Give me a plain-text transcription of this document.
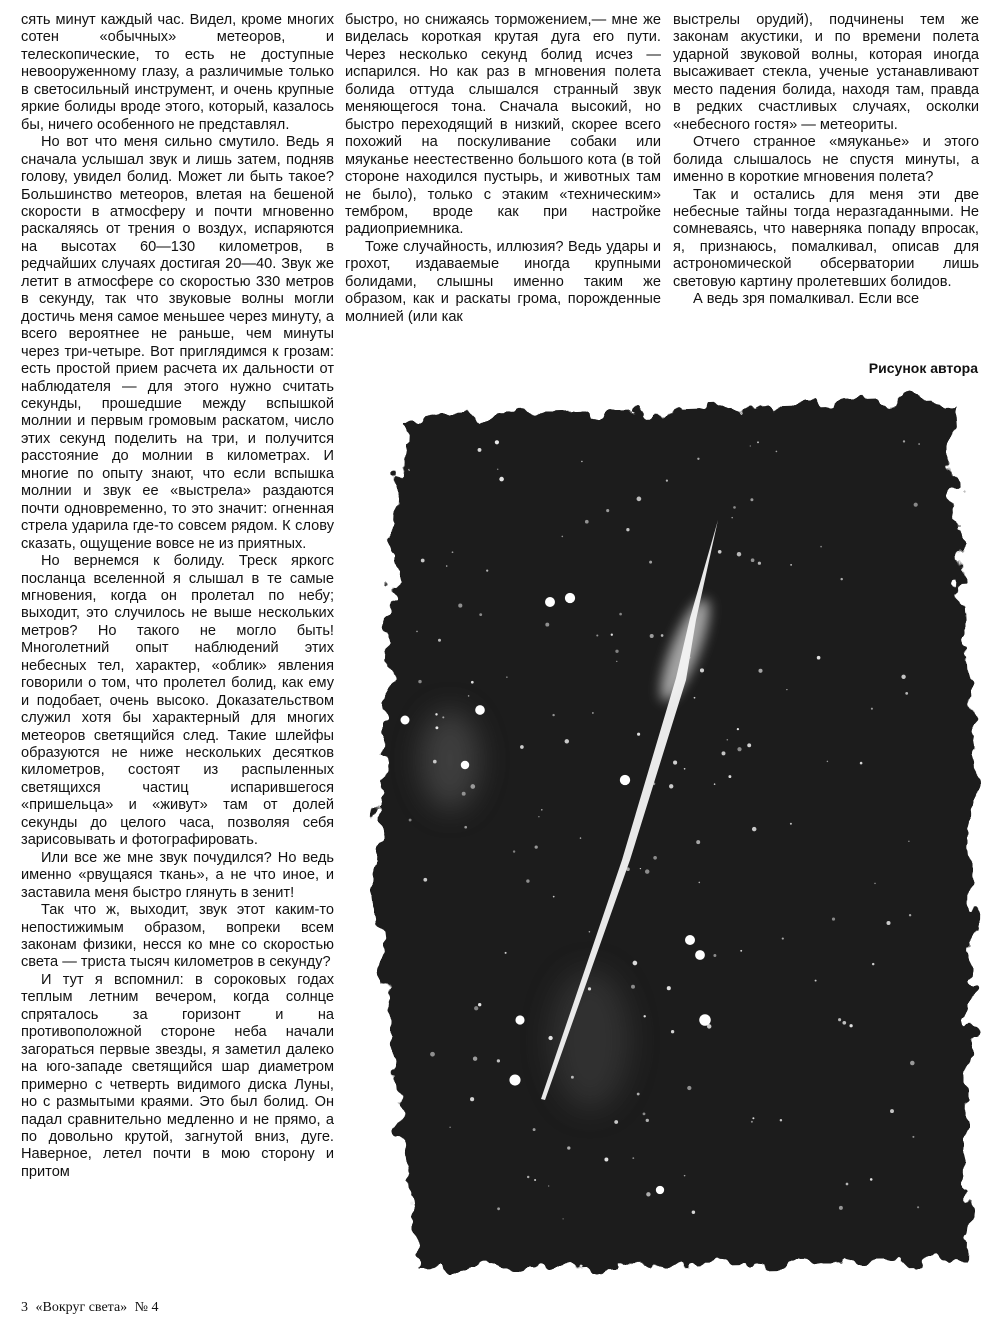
сять минут каждый час. Видел, кроме многих сотен «обычных» метеоров, и телескопические, то есть не доступные невооруженному глазу, а различимые только в светосильный инструмент, и очень крупные яркие болиды вроде этого, который, казалось бы, ничего особенного не представлял.

Но вот что меня сильно смутило. Ведь я сначала услышал звук и лишь затем, подняв голову, увидел болид. Может ли быть такое? Большинство метеоров, влетая на бешеной скорости в атмосферу и почти мгновенно раскаляясь от трения о воздух, испаряются на высотах 60—130 километров, в редчайших случаях достигая 20—40. Звук же летит в атмосфере со скоростью 330 метров в секунду, так что звуковые волны могли достичь меня самое меньшее через минуту, а всего вероятнее не раньше, чем минуты через три-четыре. Вот приглядимся к грозам: есть простой прием расчета их дальности от наблюдателя — для этого нужно считать секунды, прошедшие между вспышкой молнии и первым громовым раскатом, число этих секунд поделить на три, и получится расстояние до молнии в километрах. И многие по опыту знают, что если вспышка молнии и звук ее «выстрела» раздаются почти одновременно, то это значит: огненная стрела ударила где-то совсем рядом. К слову сказать, ощущение вовсе не из приятных.

Но вернемся к болиду. Треск яркогс посланца вселенной я слышал в те самые мгновения, когда он пролетал по небу; выходит, это случилось не выше нескольких метров? Но такого не могло быть! Многолетний опыт наблюдений этих небесных тел, характер, «облик» явления говорили о том, что пролетел болид, как ему и подобает, очень высоко. Доказательством служил хотя бы характерный для многих метеоров светящийся след. Такие шлейфы образуются не ниже нескольких десятков километров, состоят из распыленных светящихся частиц испарившегося «пришельца» и «живут» там от долей секунды до целого часа, позволяя себя зарисовывать и фотографировать.

Или все же мне звук почудился? Но ведь именно «рвущаяся ткань», а не что иное, и заставила меня быстро глянуть в зенит!

Так что ж, выходит, звук этот каким-то непостижимым образом, вопреки всем законам физики, несся ко мне со скоростью света — триста тысяч километров в секунду?

И тут я вспомнил: в сороковых годах теплым летним вечером, когда солнце спряталось за горизонт и на противоположной стороне неба начали загораться первые звезды, я заметил далеко на юго-западе светящийся шар диаметром примерно с четверть видимого диска Луны, но с размытыми краями. Это был болид. Он падал сравнительно медленно и не прямо, а по довольно крутой, загнутой вниз, дуге. Наверное, летел почти в мою сторону и притом

быстро, но снижаясь торможением,— мне же виделась короткая крутая дуга его пути. Через несколько секунд болид исчез — испарился. Но как раз в мгновения полета болида оттуда слышался странный звук меняющегося тона. Сначала высокий, но быстро переходящий в низкий, скорее всего похожий на поскуливание собаки или мяуканье неестественно большого кота (в той стороне находился пустырь, и животных там не было), только с этаким «техническим» тембром, вроде как при настройке радиоприемника.

Тоже случайность, иллюзия? Ведь удары и грохот, издаваемые иногда крупными болидами, слышны именно таким же образом, как и раскаты грома, порожденные молнией (или как

выстрелы орудий), подчинены тем же законам акустики, и по времени полета ударной звуковой волны, которая иногда высаживает стекла, ученые устанавливают место падения болида, находя там, правда в редких счастливых случаях, осколки «небесного гостя» — метеориты.

Отчего странное «мяуканье» и этого болида слышалось не спустя минуты, а именно в короткие мгновения полета?

Так и остались для меня эти две небесные тайны тогда неразгаданными. Не сомневаясь, что наверняка попаду впросак, я, признаюсь, помалкивал, описав для астрономической обсерватории лишь световую картину пролетевших болидов.

А ведь зря помалкивал. Если все

Рисунок автора
3 «Вокруг света» № 4
